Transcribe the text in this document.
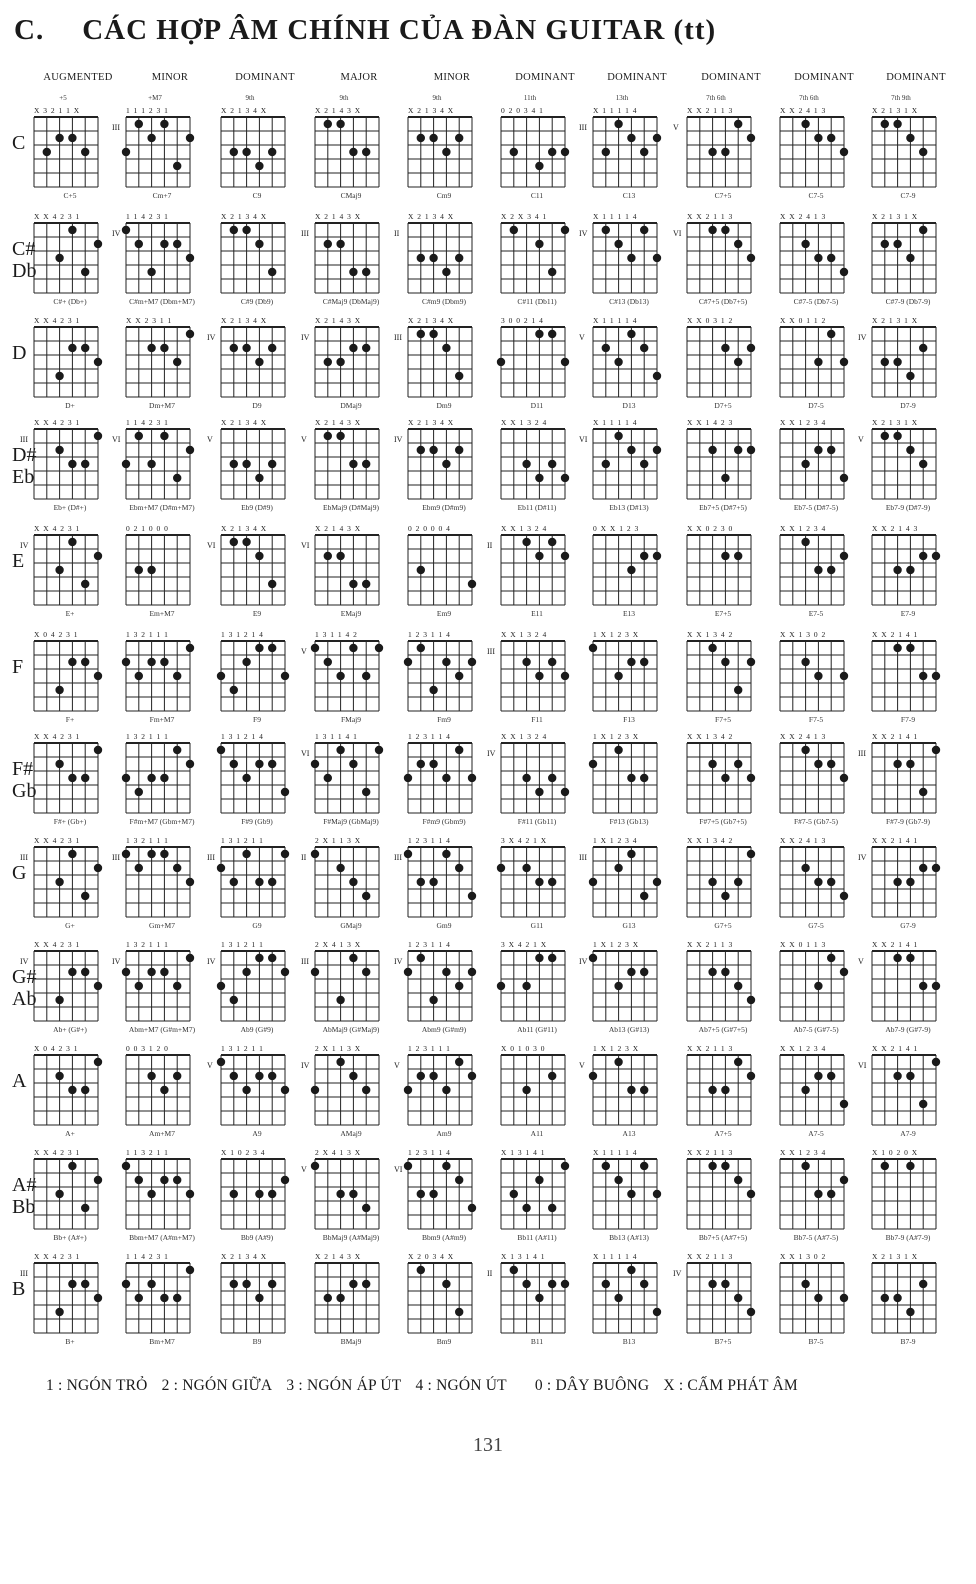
C. CÁC HỢP ÂM CHÍNH CỦA ĐÀN GUITAR (tt)
AUGMENTED	MINOR	DOMINANT	MAJOR	MINOR	DOMINANT	DOMINANT	DOMINANT	DOMINANT	DOMINANT
C
+5
X 3 2 1 1 X
C+5
+M7
1 1 1 2 3 1
III
Cm+7
9th
X 2 1 3 4 X
C9
9th
X 2 1 4 3 X
CMaj9
9th
X 2 1 3 4 X
Cm9
11th
0 2 0 3 4 1
C11
13th
X 1 1 1 1 4
III
C13
7th 6th
X X 2 1 1 3
V
C7+5
7th 6th
X X 2 4 1 3
C7-5
7th 9th
X 2 1 3 1 X
C7-9
C# Db
X X 4 2 3 1
C#+ (Db+)
1 1 4 2 3 1
IV
C#m+M7 (Dbm+M7)
X 2 1 3 4 X
C#9 (Db9)
X 2 1 4 3 X
III
C#Maj9 (DbMaj9)
X 2 1 3 4 X
II
C#m9 (Dbm9)
X 2 X 3 4 1
C#11 (Db11)
X 1 1 1 1 4
IV
C#13 (Db13)
X X 2 1 1 3
VI
C#7+5 (Db7+5)
X X 2 4 1 3
C#7-5 (Db7-5)
X 2 1 3 1 X
C#7-9 (Db7-9)
D
X X 4 2 3 1
D+
X X 2 3 1 1
Dm+M7
X 2 1 3 4 X
IV
D9
X 2 1 4 3 X
IV
DMaj9
X 2 1 3 4 X
III
Dm9
3 0 0 2 1 4
D11
X 1 1 1 1 4
V
D13
X X 0 3 1 2
D7+5
X X 0 1 1 2
D7-5
X 2 1 3 1 X
IV
D7-9
D# Eb
X X 4 2 3 1
III
Eb+ (D#+)
1 1 4 2 3 1
VI
Ebm+M7 (D#m+M7)
X 2 1 3 4 X
V
Eb9 (D#9)
X 2 1 4 3 X
V
EbMaj9 (D#Maj9)
X 2 1 3 4 X
IV
Ebm9 (D#m9)
X X 1 3 2 4
Eb11 (D#11)
X 1 1 1 1 4
VI
Eb13 (D#13)
X X 1 4 2 3
Eb7+5 (D#7+5)
X X 1 2 3 4
Eb7-5 (D#7-5)
X 2 1 3 1 X
V
Eb7-9 (D#7-9)
E
X X 4 2 3 1
IV
E+
0 2 1 0 0 0
Em+M7
X 2 1 3 4 X
VI
E9
X 2 1 4 3 X
VI
EMaj9
0 2 0 0 0 4
Em9
X X 1 3 2 4
II
E11
0 X X 1 2 3
E13
X X 0 2 3 0
E7+5
X X 1 2 3 4
E7-5
X X 2 1 4 3
E7-9
F
X 0 4 2 3 1
F+
1 3 2 1 1 1
Fm+M7
1 3 1 2 1 4
F9
1 3 1 1 4 2
V
FMaj9
1 2 3 1 1 4
Fm9
X X 1 3 2 4
III
F11
1 X 1 2 3 X
F13
X X 1 3 4 2
F7+5
X X 1 3 0 2
F7-5
X X 2 1 4 1
F7-9
F# Gb
X X 4 2 3 1
F#+ (Gb+)
1 3 2 1 1 1
F#m+M7 (Gbm+M7)
1 3 1 2 1 4
F#9 (Gb9)
1 3 1 1 4 1
VI
F#Maj9 (GbMaj9)
1 2 3 1 1 4
F#m9 (Gbm9)
X X 1 3 2 4
IV
F#11 (Gb11)
1 X 1 2 3 X
F#13 (Gb13)
X X 1 3 4 2
F#7+5 (Gb7+5)
X X 2 4 1 3
F#7-5 (Gb7-5)
X X 2 1 4 1
III
F#7-9 (Gb7-9)
G
X X 4 2 3 1
III
G+
1 3 2 1 1 1
III
Gm+M7
1 3 1 2 1 1
III
G9
2 X 1 1 3 X
II
GMaj9
1 2 3 1 1 4
III
Gm9
3 X 4 2 1 X
G11
1 X 1 2 3 4
III
G13
X X 1 3 4 2
G7+5
X X 2 4 1 3
G7-5
X X 2 1 4 1
IV
G7-9
G# Ab
X X 4 2 3 1
IV
Ab+ (G#+)
1 3 2 1 1 1
IV
Abm+M7 (G#m+M7)
1 3 1 2 1 1
IV
Ab9 (G#9)
2 X 4 1 3 X
III
AbMaj9 (G#Maj9)
1 2 3 1 1 4
IV
Abm9 (G#m9)
3 X 4 2 1 X
Ab11 (G#11)
1 X 1 2 3 X
IV
Ab13 (G#13)
X X 2 1 1 3
Ab7+5 (G#7+5)
X X 0 1 1 3
Ab7-5 (G#7-5)
X X 2 1 4 1
V
Ab7-9 (G#7-9)
A
X 0 4 2 3 1
A+
0 0 3 1 2 0
Am+M7
1 3 1 2 1 1
V
A9
2 X 1 1 3 X
IV
AMaj9
1 2 3 1 1 1
V
Am9
X 0 1 0 3 0
A11
1 X 1 2 3 X
V
A13
X X 2 1 1 3
A7+5
X X 1 2 3 4
A7-5
X X 2 1 4 1
VI
A7-9
A# Bb
X X 4 2 3 1
Bb+ (A#+)
1 1 3 2 1 1
Bbm+M7 (A#m+M7)
X 1 0 2 3 4
Bb9 (A#9)
2 X 4 1 3 X
V
BbMaj9 (A#Maj9)
1 2 3 1 1 4
VI
Bbm9 (A#m9)
X 1 3 1 4 1
Bb11 (A#11)
X 1 1 1 1 4
Bb13 (A#13)
X X 2 1 1 3
Bb7+5 (A#7+5)
X X 1 2 3 4
Bb7-5 (A#7-5)
X 1 0 2 0 X
Bb7-9 (A#7-9)
B
X X 4 2 3 1
III
B+
1 1 4 2 3 1
Bm+M7
X 2 1 3 4 X
B9
X 2 1 4 3 X
BMaj9
X 2 0 3 4 X
Bm9
X 1 3 1 4 1
II
B11
X 1 1 1 1 4
B13
X X 2 1 1 3
IV
B7+5
X X 1 3 0 2
B7-5
X 2 1 3 1 X
B7-9
1 : NGÓN TRỎ 2 : NGÓN GIỮA 3 : NGÓN ÁP ÚT 4 : NGÓN ÚT 0 : DÂY BUÔNG X : CẤM PHÁT ÂM
131
